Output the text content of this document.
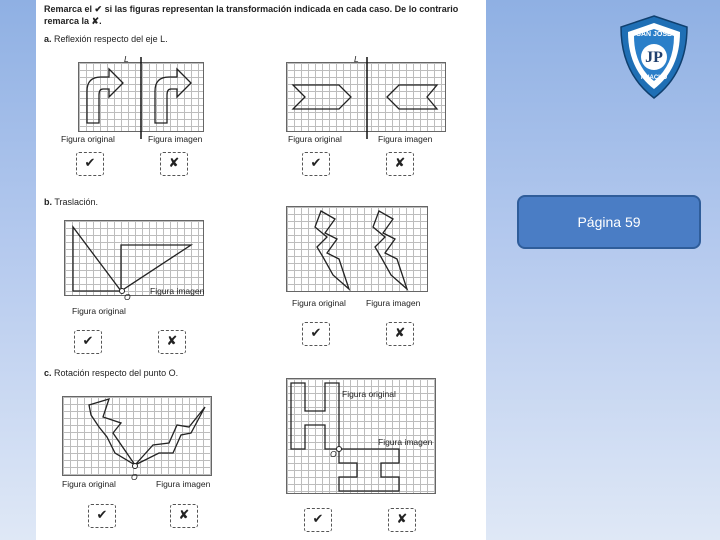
Remarca el ✔ si las figuras representan la transformación indicada en cada caso. De lo contrario
remarca la ✘.
a. Reflexión respecto del eje L.
L
Figura original	Figura imagen
✔	✘
L
Figura original	Figura imagen
✔	✘
b. Traslación.
O
Figura imagen
Figura original
✔	✘
Figura original Figura imagen
✔	✘
c. Rotación respecto del punto O.
O
Figura original	Figura imagen
✔	✘
Figura original
Figura imagen
O
✔	✘
SAN JOSÉ
JP
HUACHO
Página 59
